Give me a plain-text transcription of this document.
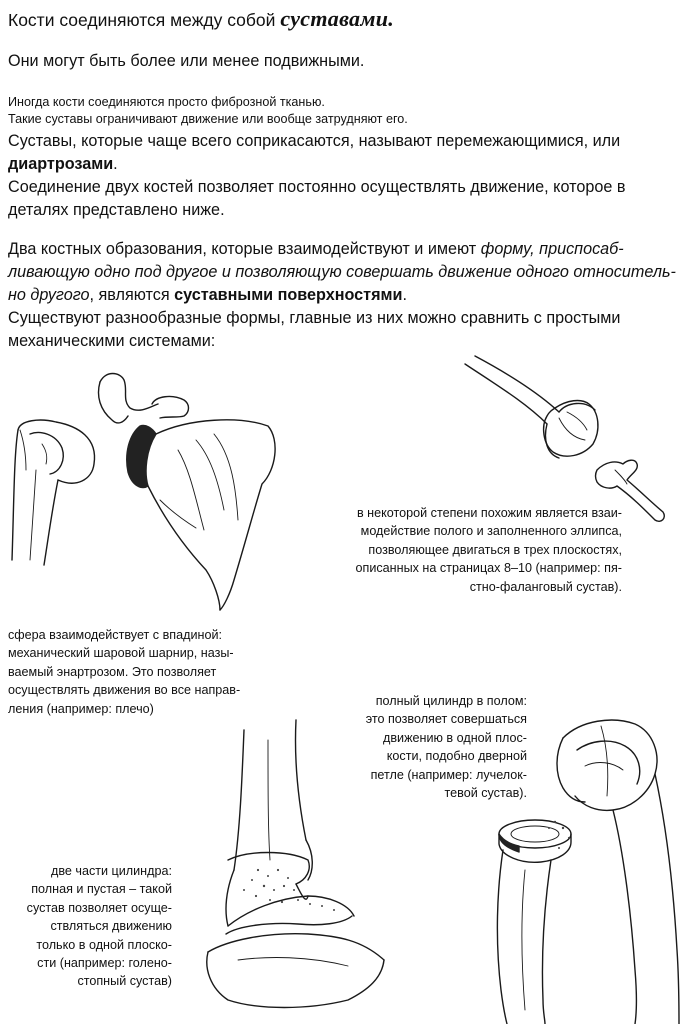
Кости соединяются между собой суставами.
Они могут быть более или менее подвижными.
Иногда кости соединяются просто фиброзной тканью.
Такие суставы ограничивают движение или вообще затрудняют его.
Суставы, которые чаще всего соприкасаются, называют перемежающимися, или
диартрозами.
Соединение двух костей позволяет постоянно осуществлять движение, которое в
деталях представлено ниже.
Два костных образования, которые взаимодействуют и имеют форму, приспосаб-
ливающую одно под другое и позволяющую совершать движение одного относитель-
но другого, являются суставными поверхностями.
Существуют разнообразные формы, главные из них можно сравнить с простыми
механическими системами:
в некоторой степени похожим является взаи-
модействие полого и заполненного эллипса,
позволяющее двигаться в трех плоскостях,
описанных на страницах 8–10 (например: пя-
стно-фаланговый сустав).
сфера взаимодействует с впадиной:
механический шаровой шарнир, назы-
ваемый энартрозом. Это позволяет
осуществлять движения во все направ-
ления (например: плечо)
полный цилиндр в полом:
это позволяет совершаться
движению в одной плос-
кости, подобно дверной
петле (например: лучелок-
тевой сустав).
две части цилиндра:
полная и пустая – такой
сустав позволяет осуще-
ствляться движению
только в одной плоско-
сти (например: голено-
стопный сустав)
